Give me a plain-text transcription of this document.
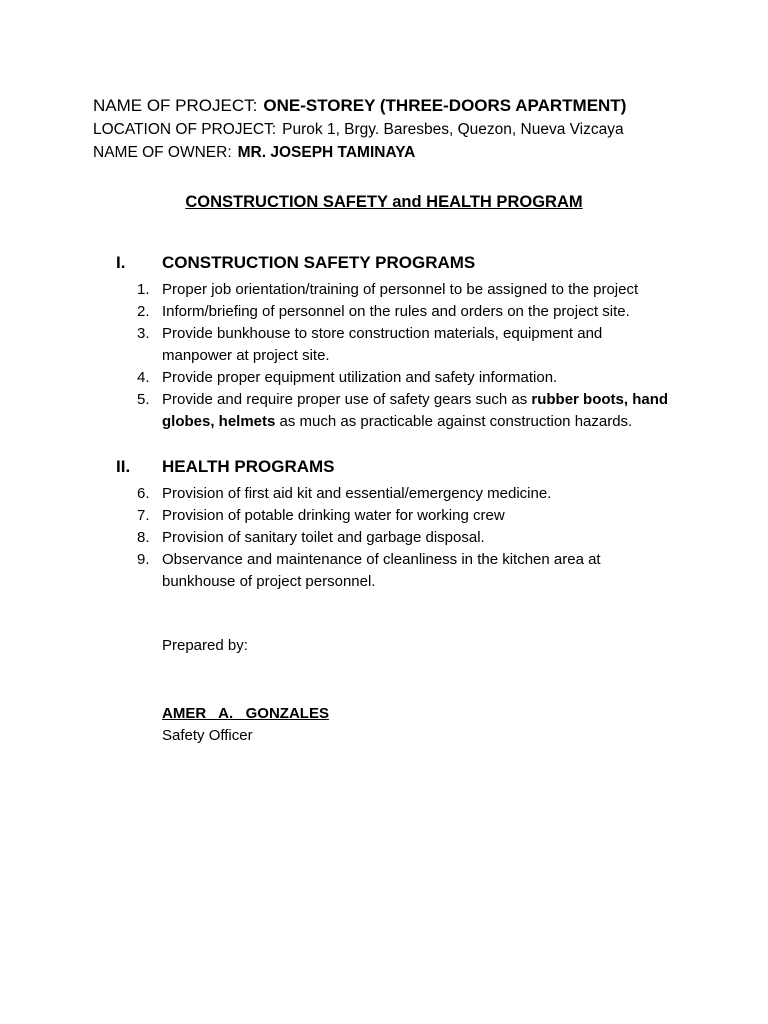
NAME OF PROJECT: ONE-STOREY (THREE-DOORS APARTMENT)
LOCATION OF PROJECT: Purok 1, Brgy. Baresbes, Quezon, Nueva Vizcaya
NAME OF OWNER: MR. JOSEPH TAMINAYA
CONSTRUCTION SAFETY and HEALTH PROGRAM
I. CONSTRUCTION SAFETY PROGRAMS
1. Proper job orientation/training of personnel to be assigned to the project
2. Inform/briefing of personnel on the rules and orders on the project site.
3. Provide bunkhouse to store construction materials, equipment and manpower at project site.
4. Provide proper equipment utilization and safety information.
5. Provide and require proper use of safety gears such as rubber boots, hand globes, helmets as much as practicable against construction hazards.
II. HEALTH PROGRAMS
6. Provision of first aid kit and essential/emergency medicine.
7. Provision of potable drinking water for working crew
8. Provision of sanitary toilet and garbage disposal.
9. Observance and maintenance of cleanliness in the kitchen area at bunkhouse of project personnel.
Prepared by:
AMER   A.   GONZALES
Safety Officer
